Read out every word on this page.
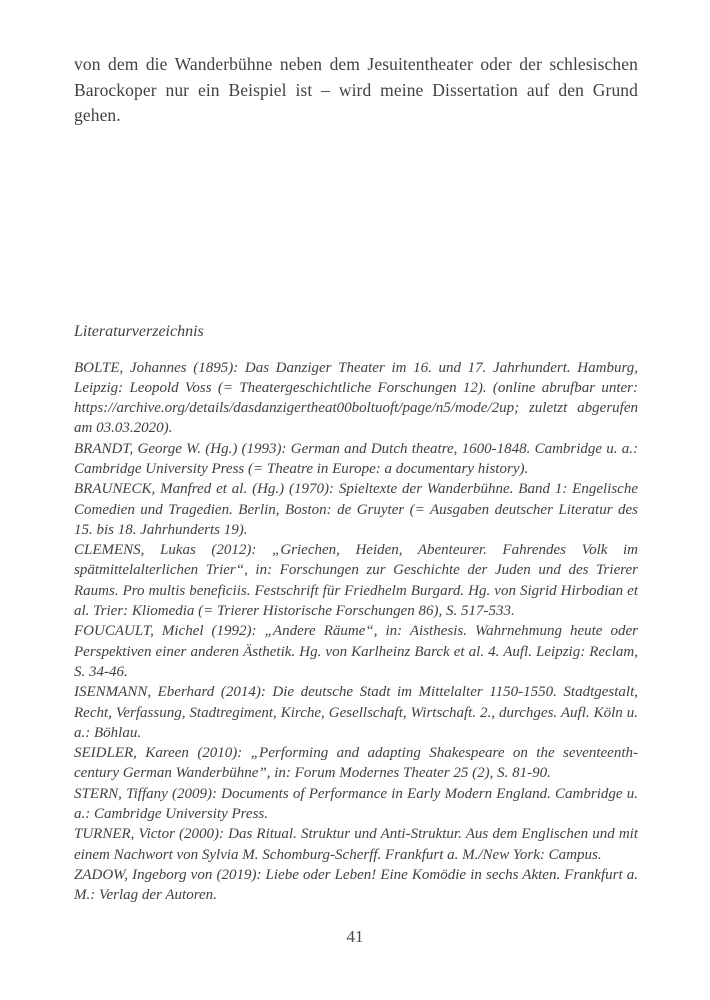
von dem die Wanderbühne neben dem Jesuitentheater oder der schlesischen Barockoper nur ein Beispiel ist – wird meine Dissertation auf den Grund gehen.

Literaturverzeichnis

BOLTE, Johannes (1895): Das Danziger Theater im 16. und 17. Jahrhundert. Hamburg, Leipzig: Leopold Voss (= Theatergeschichtliche Forschungen 12). (online abrufbar unter: https://archive.org/details/dasdanzigertheat00boltuoft/page/n5/mode/2up; zuletzt abgerufen am 03.03.2020).

BRANDT, George W. (Hg.) (1993): German and Dutch theatre, 1600-1848. Cambridge u. a.: Cambridge University Press (= Theatre in Europe: a documentary history).

BRAUNECK, Manfred et al. (Hg.) (1970): Spieltexte der Wanderbühne. Band 1: Engelische Comedien und Tragedien. Berlin, Boston: de Gruyter (= Ausgaben deutscher Literatur des 15. bis 18. Jahrhunderts 19).

CLEMENS, Lukas (2012): „Griechen, Heiden, Abenteurer. Fahrendes Volk im spätmittelalterlichen Trier“, in: Forschungen zur Geschichte der Juden und des Trierer Raums. Pro multis beneficiis. Festschrift für Friedhelm Burgard. Hg. von Sigrid Hirbodian et al. Trier: Kliomedia (= Trierer Historische Forschungen 86), S. 517-533.

FOUCAULT, Michel (1992): „Andere Räume“, in: Aisthesis. Wahrnehmung heute oder Perspektiven einer anderen Ästhetik. Hg. von Karlheinz Barck et al. 4. Aufl. Leipzig: Reclam, S. 34-46.

ISENMANN, Eberhard (2014): Die deutsche Stadt im Mittelalter 1150-1550. Stadtgestalt, Recht, Verfassung, Stadtregiment, Kirche, Gesellschaft, Wirtschaft. 2., durchges. Aufl. Köln u. a.: Böhlau.

SEIDLER, Kareen (2010): „Performing and adapting Shakespeare on the seventeenth-century German Wanderbühne”, in: Forum Modernes Theater 25 (2), S. 81-90.

STERN, Tiffany (2009): Documents of Performance in Early Modern England. Cambridge u. a.: Cambridge University Press.

TURNER, Victor (2000): Das Ritual. Struktur und Anti-Struktur. Aus dem Englischen und mit einem Nachwort von Sylvia M. Schomburg-Scherff. Frankfurt a. M./New York: Campus.

ZADOW, Ingeborg von (2019): Liebe oder Leben! Eine Komödie in sechs Akten. Frankfurt a. M.: Verlag der Autoren.

41
